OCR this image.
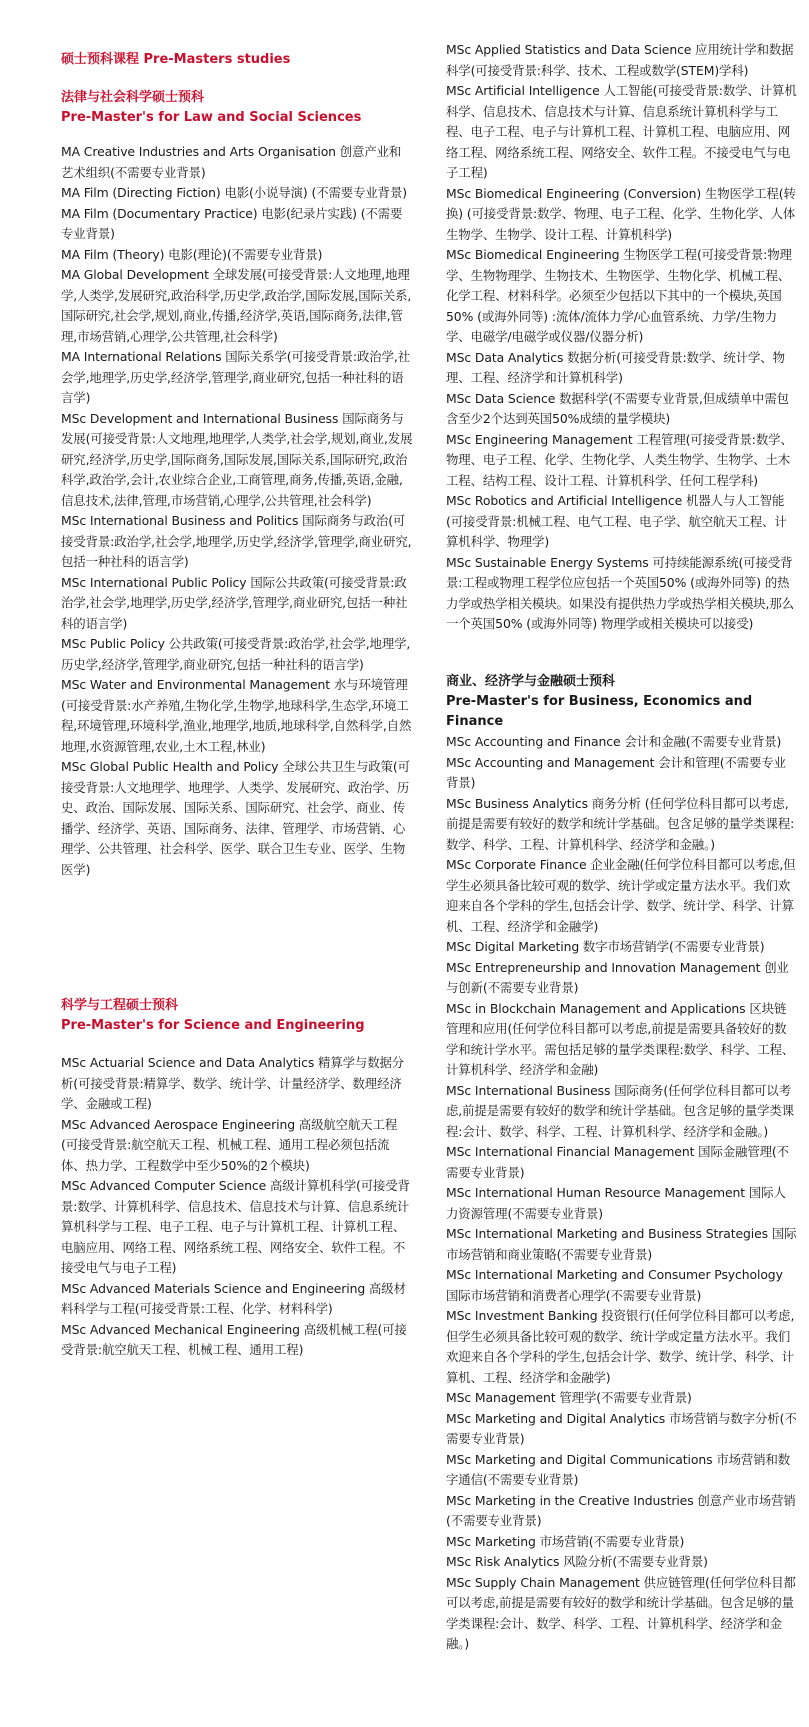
硕士预科课程 Pre-Masters studies

法律与社会科学硕士预科

Pre-Master's for Law and Social Sciences

MA Creative Industries and Arts Organisation 创意产业和艺术组织(不需要专业背景)
MA Film (Directing Fiction) 电影(小说导演) (不需要专业背景)
MA Film (Documentary Practice) 电影(纪录片实践) (不需要专业背景)
MA Film (Theory) 电影(理论)(不需要专业背景)
MA Global Development 全球发展(可接受背景:人文地理,地理学,人类学,发展研究,政治科学,历史学,政治学,国际发展,国际关系,国际研究,社会学,规划,商业,传播,经济学,英语,国际商务,法律,管理,市场营销,心理学,公共管理,社会科学)
MA International Relations 国际关系学(可接受背景:政治学,社会学,地理学,历史学,经济学,管理学,商业研究,包括一种社科的语言学)
MSc Development and International Business 国际商务与发展(可接受背景:人文地理,地理学,人类学,社会学,规划,商业,发展研究,经济学,历史学,国际商务,国际发展,国际关系,国际研究,政治科学,政治学,会计,农业综合企业,工商管理,商务,传播,英语,金融,信息技术,法律,管理,市场营销,心理学,公共管理,社会科学)
MSc International Business and Politics 国际商务与政治(可接受背景:政治学,社会学,地理学,历史学,经济学,管理学,商业研究,包括一种社科的语言学)
MSc International Public Policy 国际公共政策(可接受背景:政治学,社会学,地理学,历史学,经济学,管理学,商业研究,包括一种社科的语言学)
MSc Public Policy 公共政策(可接受背景:政治学,社会学,地理学,历史学,经济学,管理学,商业研究,包括一种社科的语言学)
MSc Water and Environmental Management 水与环境管理(可接受背景:水产养殖,生物化学,生物学,地球科学,生态学,环境工程,环境管理,环境科学,渔业,地理学,地质,地球科学,自然科学,自然地理,水资源管理,农业,土木工程,林业)
MSc Global Public Health and Policy 全球公共卫生与政策(可接受背景:人文地理学、地理学、人类学、发展研究、政治学、历史、政治、国际发展、国际关系、国际研究、社会学、商业、传播学、经济学、英语、国际商务、法律、管理学、市场营销、心理学、公共管理、社会科学、医学、联合卫生专业、医学、生物医学)

科学与工程硕士预科

Pre-Master's for Science and Engineering

MSc Actuarial Science and Data Analytics 精算学与数据分析(可接受背景:精算学、数学、统计学、计量经济学、数理经济学、金融或工程)
MSc Advanced Aerospace Engineering 高级航空航天工程(可接受背景:航空航天工程、机械工程、通用工程必须包括流体、热力学、工程数学中至少50%的2个模块)
MSc Advanced Computer Science 高级计算机科学(可接受背景:数学、计算机科学、信息技术、信息技术与计算、信息系统计算机科学与工程、电子工程、电子与计算机工程、计算机工程、电脑应用、网络工程、网络系统工程、网络安全、软件工程。不接受电气与电子工程)
MSc Advanced Materials Science and Engineering 高级材料科学与工程(可接受背景:工程、化学、材料科学)
MSc Advanced Mechanical Engineering 高级机械工程(可接受背景:航空航天工程、机械工程、通用工程)
MSc Applied Statistics and Data Science 应用统计学和数据科学(可接受背景:科学、技术、工程或数学(STEM)学科)
MSc Artificial Intelligence 人工智能(可接受背景:数学、计算机科学、信息技术、信息技术与计算、信息系统计算机科学与工程、电子工程、电子与计算机工程、计算机工程、电脑应用、网络工程、网络系统工程、网络安全、软件工程。不接受电气与电子工程)
MSc Biomedical Engineering (Conversion) 生物医学工程(转换) (可接受背景:数学、物理、电子工程、化学、生物化学、人体生物学、生物学、设计工程、计算机科学)
MSc Biomedical Engineering 生物医学工程(可接受背景:物理学、生物物理学、生物技术、生物医学、生物化学、机械工程、化学工程、材料科学。必须至少包括以下其中的一个模块,英国50% (或海外同等) :流体/流体力学/心血管系统、力学/生物力学、电磁学/电磁学或仪器/仪器分析)
MSc Data Analytics 数据分析(可接受背景:数学、统计学、物理、工程、经济学和计算机科学)
MSc Data Science 数据科学(不需要专业背景,但成绩单中需包含至少2个达到英国50%成绩的量学模块)
MSc Engineering Management 工程管理(可接受背景:数学、物理、电子工程、化学、生物化学、人类生物学、生物学、土木工程、结构工程、设计工程、计算机科学、任何工程学科)
MSc Robotics and Artificial Intelligence 机器人与人工智能(可接受背景:机械工程、电气工程、电子学、航空航天工程、计算机科学、物理学)
MSc Sustainable Energy Systems 可持续能源系统(可接受背景:工程或物理工程学位应包括一个英国50% (或海外同等) 的热力学或热学相关模块。如果没有提供热力学或热学相关模块,那么一个英国50% (或海外同等) 物理学或相关模块可以接受)

商业、经济学与金融硕士预科

Pre-Master's for Business, Economics and Finance

MSc Accounting and Finance 会计和金融(不需要专业背景)
MSc Accounting and Management 会计和管理(不需要专业背景)
MSc Business Analytics 商务分析 (任何学位科目都可以考虑,前提是需要有较好的数学和统计学基础。包含足够的量学类课程:数学、科学、工程、计算机科学、经济学和金融。)
MSc Corporate Finance 企业金融(任何学位科目都可以考虑,但学生必须具备比较可观的数学、统计学或定量方法水平。我们欢迎来自各个学科的学生,包括会计学、数学、统计学、科学、计算机、工程、经济学和金融学)
MSc Digital Marketing 数字市场营销学(不需要专业背景)
MSc Entrepreneurship and Innovation Management 创业与创新(不需要专业背景)
MSc in Blockchain Management and Applications 区块链管理和应用(任何学位科目都可以考虑,前提是需要具备较好的数学和统计学水平。需包括足够的量学类课程:数学、科学、工程、计算机科学、经济学和金融)
MSc International Business 国际商务(任何学位科目都可以考虑,前提是需要有较好的数学和统计学基础。包含足够的量学类课程:会计、数学、科学、工程、计算机科学、经济学和金融。)
MSc International Financial Management 国际金融管理(不需要专业背景)
MSc International Human Resource Management 国际人力资源管理(不需要专业背景)
MSc International Marketing and Business Strategies 国际市场营销和商业策略(不需要专业背景)
MSc International Marketing and Consumer Psychology 国际市场营销和消费者心理学(不需要专业背景)
MSc Investment Banking 投资银行(任何学位科目都可以考虑,但学生必须具备比较可观的数学、统计学或定量方法水平。我们欢迎来自各个学科的学生,包括会计学、数学、统计学、科学、计算机、工程、经济学和金融学)
MSc Management 管理学(不需要专业背景)
MSc Marketing and Digital Analytics 市场营销与数字分析(不需要专业背景)
MSc Marketing and Digital Communications 市场营销和数字通信(不需要专业背景)
MSc Marketing in the Creative Industries 创意产业市场营销(不需要专业背景)
MSc Marketing 市场营销(不需要专业背景)
MSc Risk Analytics 风险分析(不需要专业背景)
MSc Supply Chain Management 供应链管理(任何学位科目都可以考虑,前提是需要有较好的数学和统计学基础。包含足够的量学类课程:会计、数学、科学、工程、计算机科学、经济学和金融。)
